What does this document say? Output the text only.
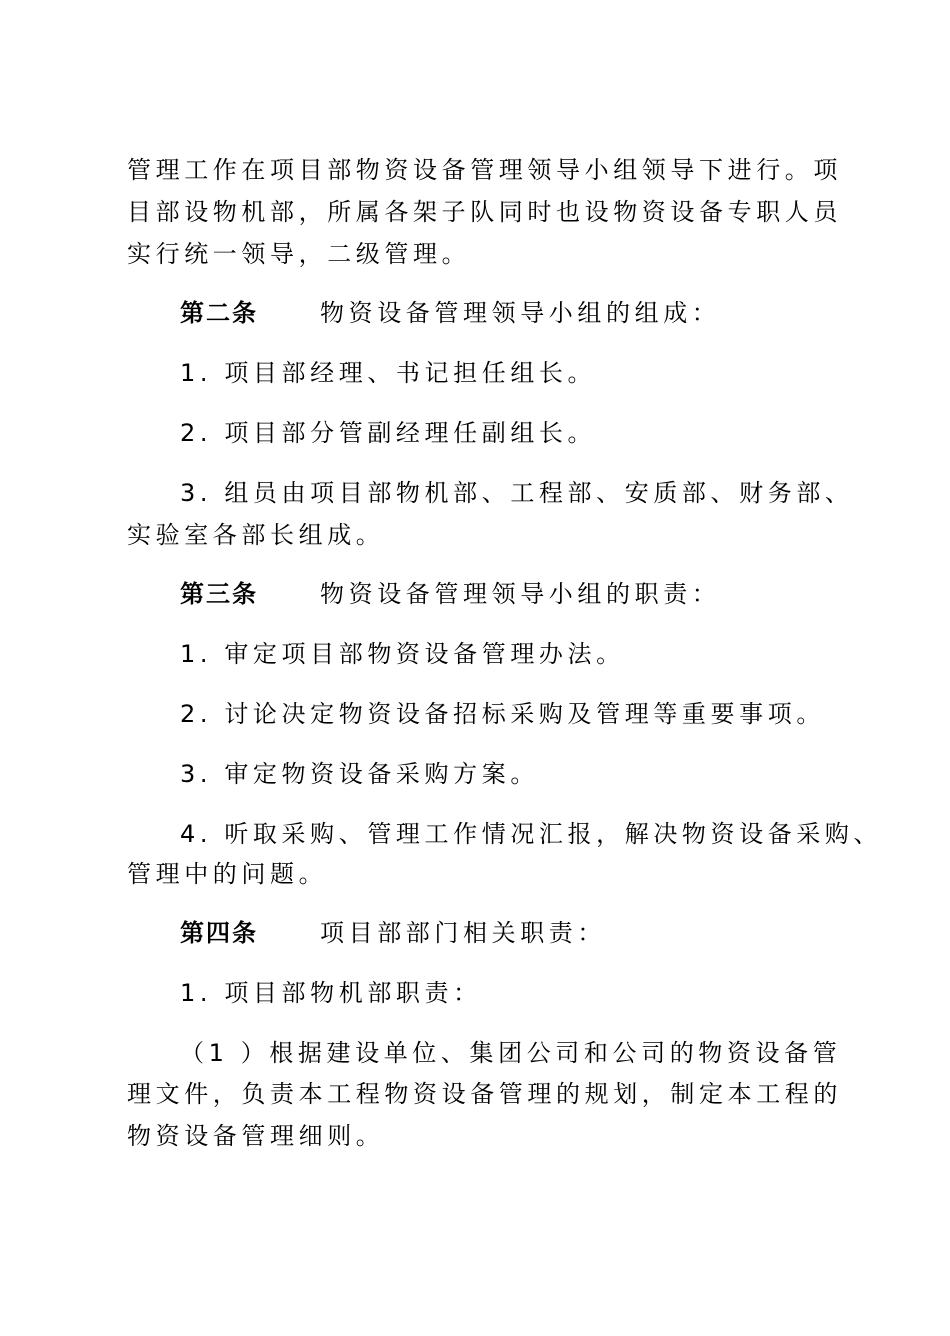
管理工作在项目部物资设备管理领导小组领导下进行。项
目部设物机部，所属各架子队同时也设物资设备专职人员
实行统一领导，二级管理。
第二条	物资设备管理领导小组的组成：
1. 项目部经理、书记担任组长。
2. 项目部分管副经理任副组长。
3. 组员由项目部物机部、工程部、安质部、财务部、
实验室各部长组成。
第三条	物资设备管理领导小组的职责：
1. 审定项目部物资设备管理办法。
2. 讨论决定物资设备招标采购及管理等重要事项。
3. 审定物资设备采购方案。
4. 听取采购、管理工作情况汇报，解决物资设备采购、
管理中的问题。
第四条	项目部部门相关职责：
1. 项目部物机部职责：
（1 ）根据建设单位、集团公司和公司的物资设备管
理文件，负责本工程物资设备管理的规划，制定本工程的
物资设备管理细则。
